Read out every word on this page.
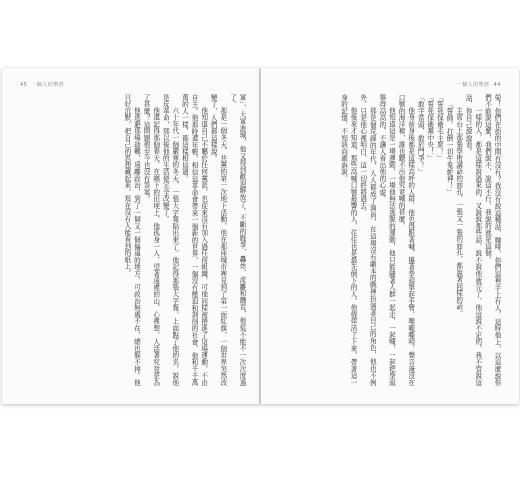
45 一個人的聖經

軍」、大軍進城，他又得到歡迎解放了。不斷的戰爭，轟炸，流離和饑荒，他從不能不一次次度過了。

那是一個冬天，共黨的第一次地下活動，他在那座城市裡見到了第一面紅旗，一個世界突然改變了，人們都這樣說。

他知道自己不屬於任何黨派，也從來沒有加入過任何組織，可他同樣被捲進了這場運動，不由自主。他那時還年輕，相信這革命會帶來一個新的世界，一個沒有壓迫和剝削的社會，他和千千萬萬的人一樣，都這樣相信過。

六十年代一個嚴寒的冬天，一張大字報貼出來了。他記得那張大字報，上面點了他的名，說他是反革命，那以後他的生活便完全改變了。

他還記得那個春天，在鄉下的田埂上，他孤身一人，望著遠處的山，心裡想，人活著究竟是為了甚麼？這問題他至今也沒有答案。

他逃避那場劫難，遠離政治，到了一個又一個偏遠的地方，可政治無處不在，總也躲不掉。他只好沉默，把自己的思想藏起來，寫在沒有人能看到的紙上。

一個人的聖經 44

榮！你們在街的中間有沒有？我沒有說這種話，咖啡，你們這裡手上有人，這時他上，以這麼說你們不能說這麼，我們說不，說這不行，我說的就是這個。

一樣的人，都是這樣說過來的，又說說那些話，說不說他就完了，他這說不定的，我不管說這話，你自己說說看。

主席台上那張學術講話的面孔，一張又一張的面孔，都說著同樣的話。

「誓師，打倒一切牛鬼蛇神！」

「誓死保衛毛主席！」

「誓死保衛黨中央！」

「敢字當頭，敢於鬥爭！」

他身前身後都是這樣高呼的人群，他也得跟著喊，攥著拳頭舉起手臂，喉嚨嘶啞，聲音淹沒在口號的海洋裡，誰也聽不出他究竟喊的甚麼。

他知道這是一場運動，一場他無法逃脫的運動，他只能隨著人群一起走，一起喊，一起把拳頭舉得高高的，不讓人看出他的心虛。

那是個荒誕的年代，人人都成了演員，在這場沒有劇本的戲裡扮演著自己的角色，他也不例外，只是他心裡明白，這一切終將過去。

他後來才知道，那些高喊口號最響的人，往往也是最先倒下的人。他僥倖活了下來，帶著這一身的記憶，不知該向誰訴說。
